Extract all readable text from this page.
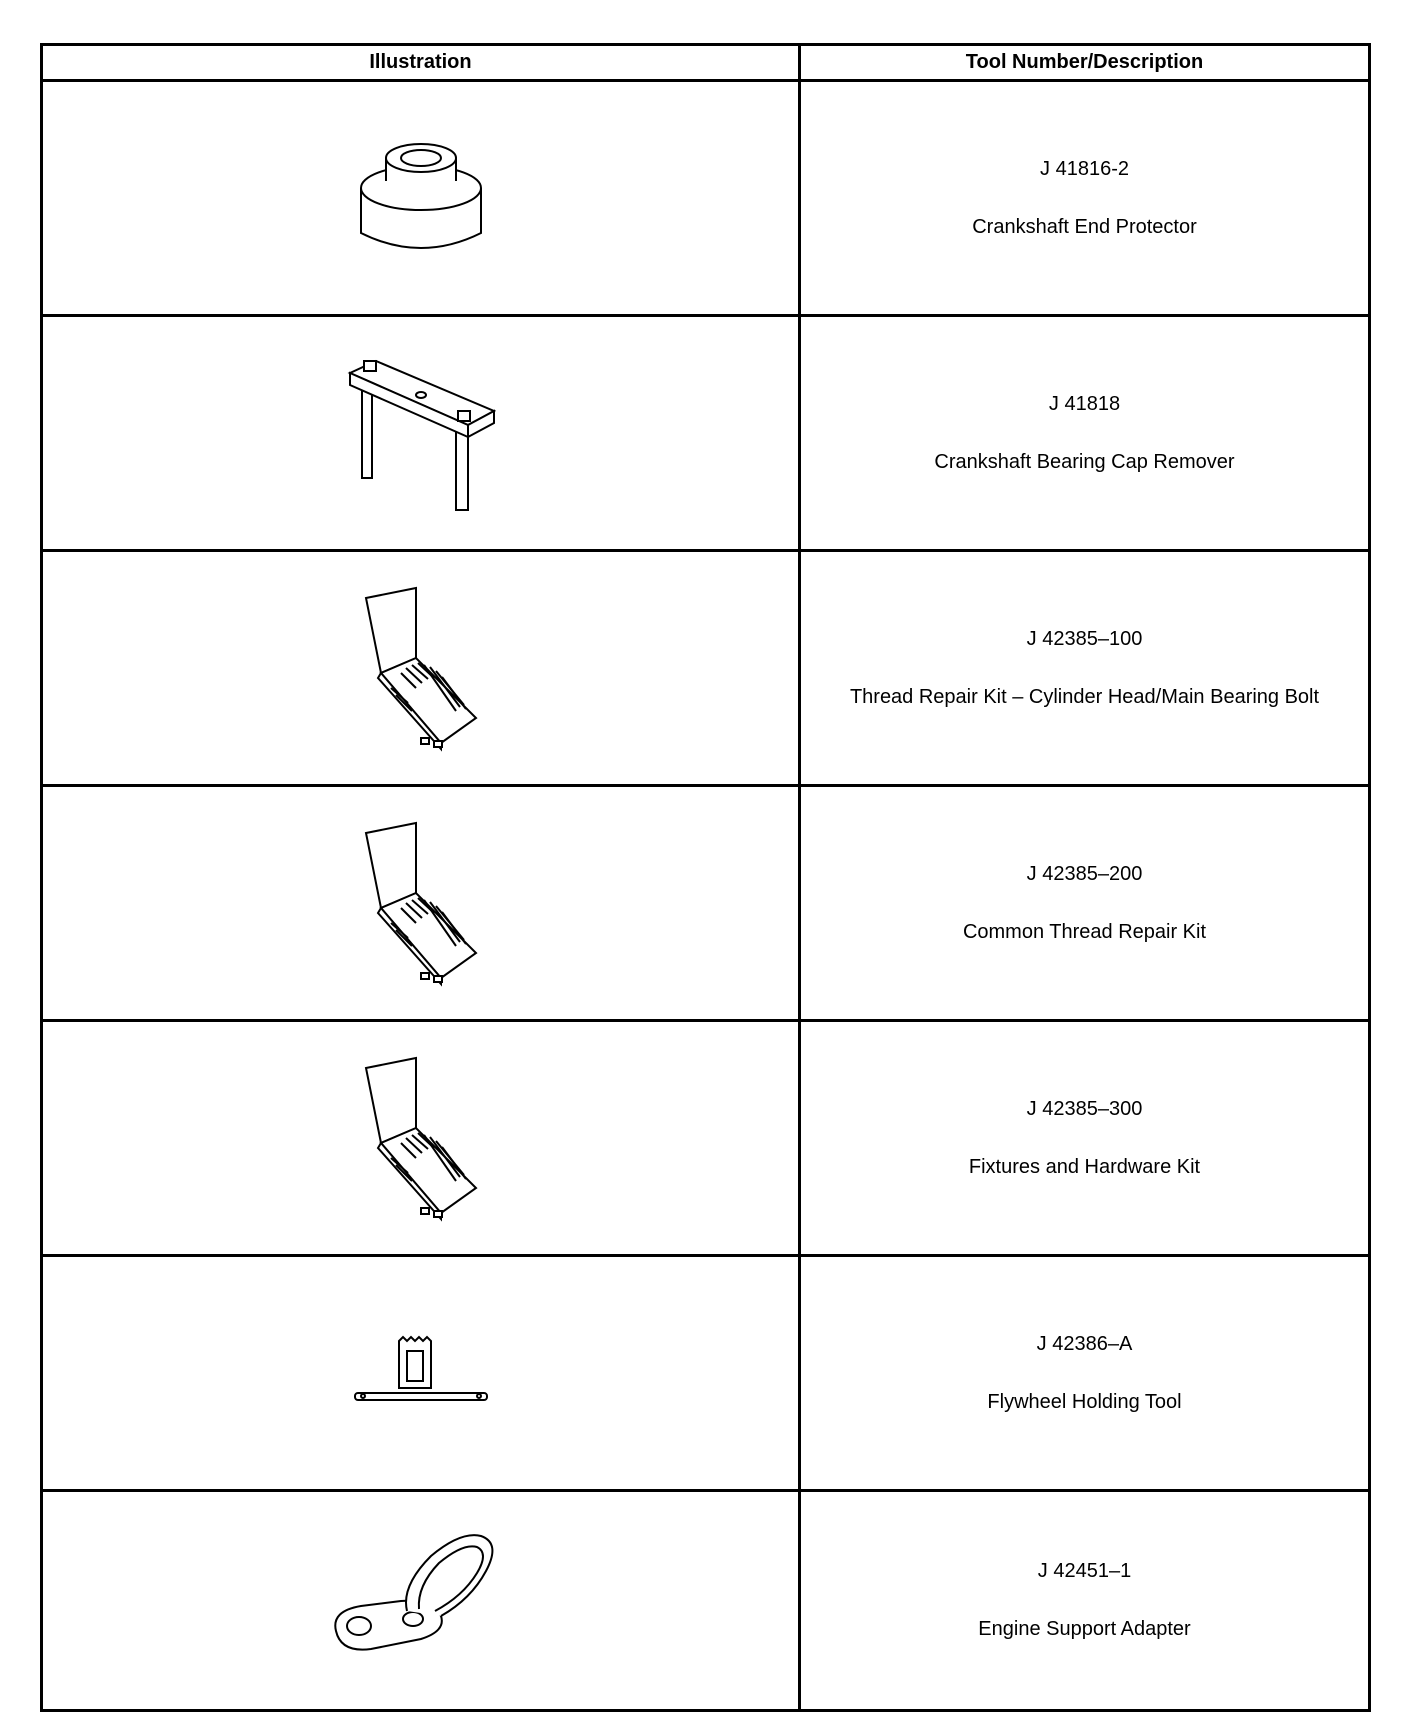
Illustration	Tool Number/Description

J 41816-2
Crankshaft End Protector

J 41818
Crankshaft Bearing Cap Remover

J 42385–100
Thread Repair Kit – Cylinder Head/Main Bearing Bolt

J 42385–200
Common Thread Repair Kit

J 42385–300
Fixtures and Hardware Kit

J 42386–A
Flywheel Holding Tool

J 42451–1
Engine Support Adapter
